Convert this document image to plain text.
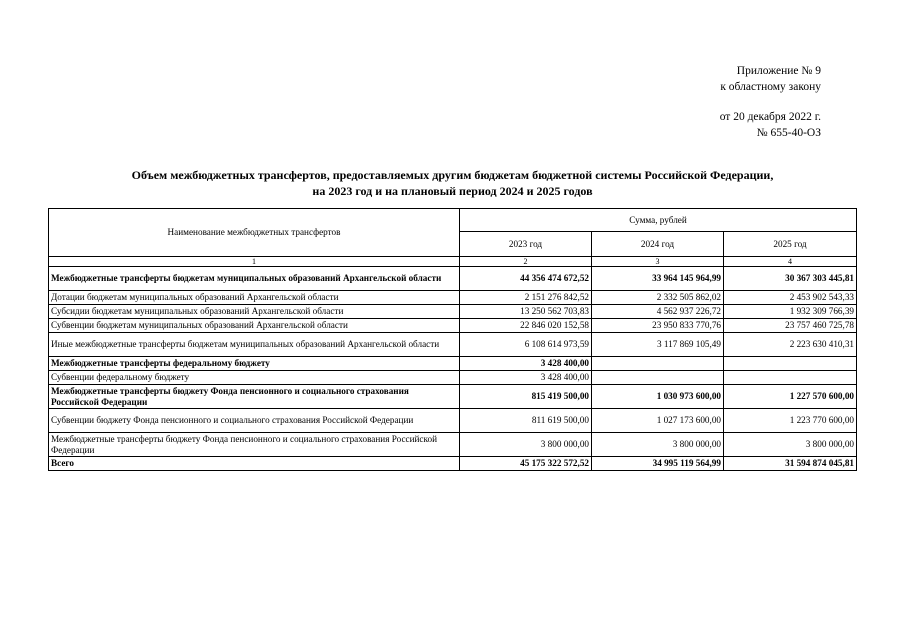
Приложение № 9
к областному закону
от 20 декабря 2022 г.
№ 655-40-ОЗ
Объем межбюджетных трансфертов, предоставляемых другим бюджетам бюджетной системы Российской Федерации,
на 2023 год и на плановый период 2024 и 2025 годов
Наименование межбюджетных трансфертов	Сумма, рублей		
	2023 год	2024 год	2025 год
1	2	3	4
Межбюджетные трансферты бюджетам муниципальных образований Архангельской области	44 356 474 672,52	33 964 145 964,99	30 367 303 445,81
Дотации бюджетам муниципальных образований Архангельской области	2 151 276 842,52	2 332 505 862,02	2 453 902 543,33
Субсидии бюджетам муниципальных образований Архангельской области	13 250 562 703,83	4 562 937 226,72	1 932 309 766,39
Субвенции бюджетам муниципальных образований Архангельской области	22 846 020 152,58	23 950 833 770,76	23 757 460 725,78
Иные межбюджетные трансферты бюджетам муниципальных образований Архангельской области	6 108 614 973,59	3 117 869 105,49	2 223 630 410,31
Межбюджетные трансферты федеральному бюджету	3 428 400,00		
Субвенции федеральному бюджету	3 428 400,00		
Межбюджетные трансферты бюджету Фонда пенсионного и социального страхования Российской Федерации	815 419 500,00	1 030 973 600,00	1 227 570 600,00
Субвенции бюджету Фонда пенсионного и социального страхования Российской Федерации	811 619 500,00	1 027 173 600,00	1 223 770 600,00
Межбюджетные трансферты бюджету Фонда пенсионного и социального страхования Российской Федерации	3 800 000,00	3 800 000,00	3 800 000,00
Всего	45 175 322 572,52	34 995 119 564,99	31 594 874 045,81
